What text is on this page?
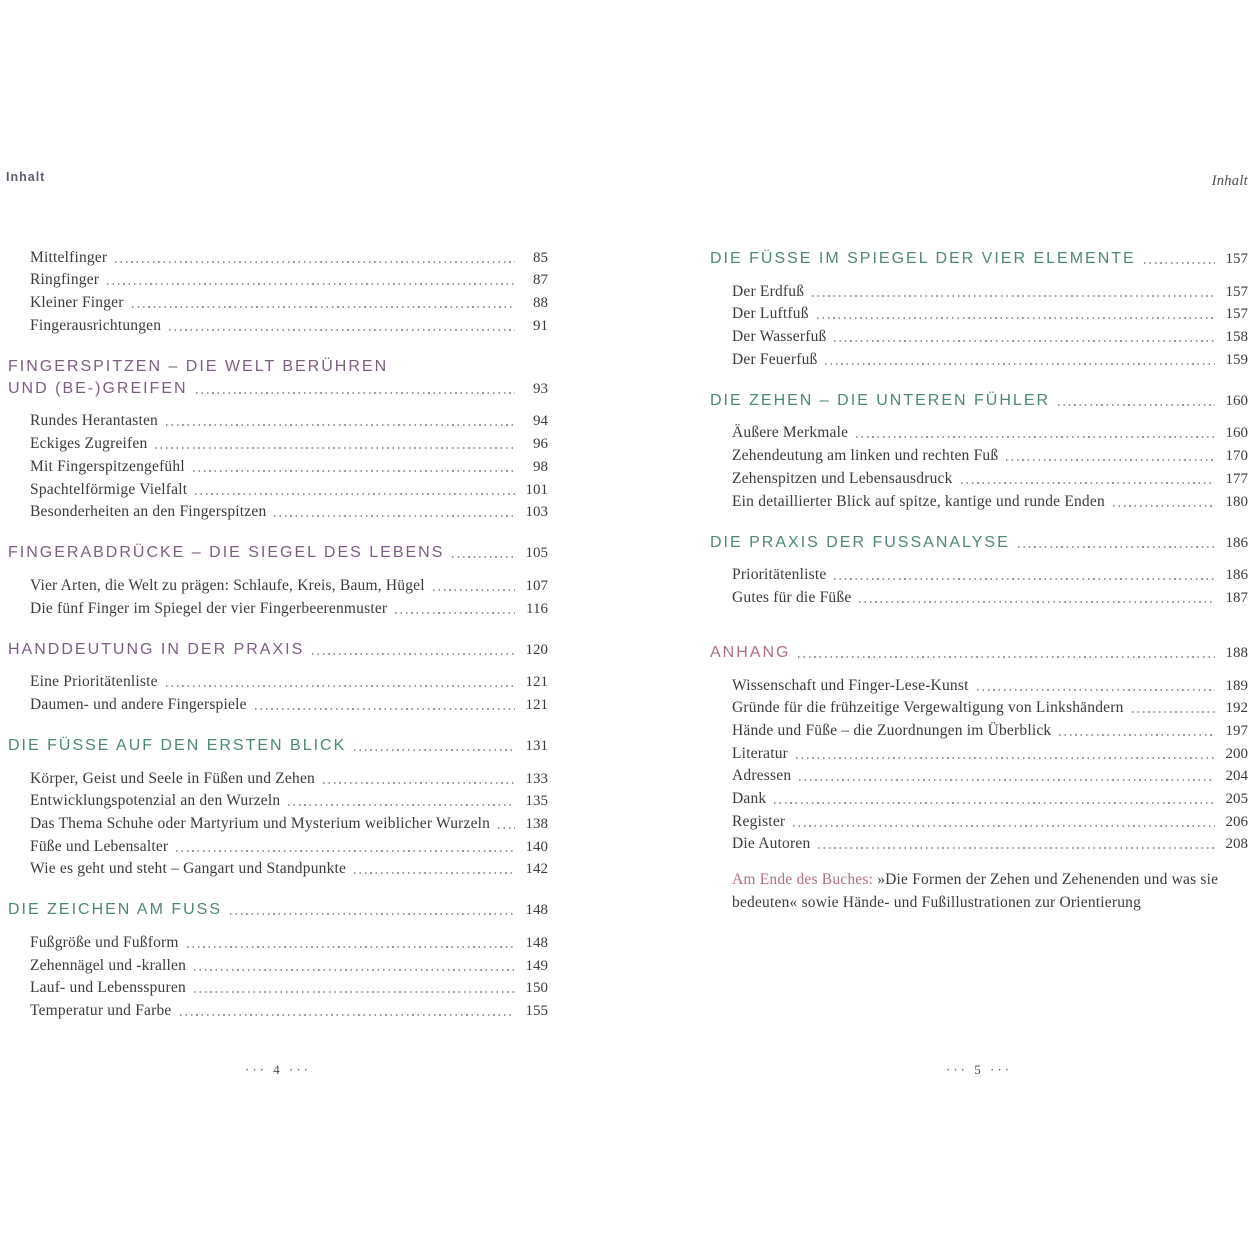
Inhalt
Mittelfinger	85
Ringfinger	87
Kleiner Finger	88
Fingerausrichtungen	91
FINGERSPITZEN – DIE WELT BERÜHREN
UND (BE-)GREIFEN	93
Rundes Herantasten	94
Eckiges Zugreifen	96
Mit Fingerspitzengefühl	98
Spachtelförmige Vielfalt	101
Besonderheiten an den Fingerspitzen	103
FINGERABDRÜCKE – DIE SIEGEL DES LEBENS	105
Vier Arten, die Welt zu prägen: Schlaufe, Kreis, Baum, Hügel	107
Die fünf Finger im Spiegel der vier Fingerbeerenmuster	116
HANDDEUTUNG IN DER PRAXIS	120
Eine Prioritätenliste	121
Daumen- und andere Fingerspiele	121
DIE FÜSSE AUF DEN ERSTEN BLICK	131
Körper, Geist und Seele in Füßen und Zehen	133
Entwicklungspotenzial an den Wurzeln	135
Das Thema Schuhe oder Martyrium und Mysterium weiblicher Wurzeln	138
Füße und Lebensalter	140
Wie es geht und steht – Gangart und Standpunkte	142
DIE ZEICHEN AM FUSS	148
Fußgröße und Fußform	148
Zehennägel und -krallen	149
Lauf- und Lebensspuren	150
Temperatur und Farbe	155
··· 4 ···
Inhalt
DIE FÜSSE IM SPIEGEL DER VIER ELEMENTE	157
Der Erdfuß	157
Der Luftfuß	157
Der Wasserfuß	158
Der Feuerfuß	159
DIE ZEHEN – DIE UNTEREN FÜHLER	160
Äußere Merkmale	160
Zehendeutung am linken und rechten Fuß	170
Zehenspitzen und Lebensausdruck	177
Ein detaillierter Blick auf spitze, kantige und runde Enden	180
DIE PRAXIS DER FUSSANALYSE	186
Prioritätenliste	186
Gutes für die Füße	187
ANHANG	188
Wissenschaft und Finger-Lese-Kunst	189
Gründe für die frühzeitige Vergewaltigung von Linkshändern	192
Hände und Füße – die Zuordnungen im Überblick	197
Literatur	200
Adressen	204
Dank	205
Register	206
Die Autoren	208

Am Ende des Buches: »Die Formen der Zehen und Zehenenden und was sie
bedeuten« sowie Hände- und Fußillustrationen zur Orientierung

··· 5 ···
